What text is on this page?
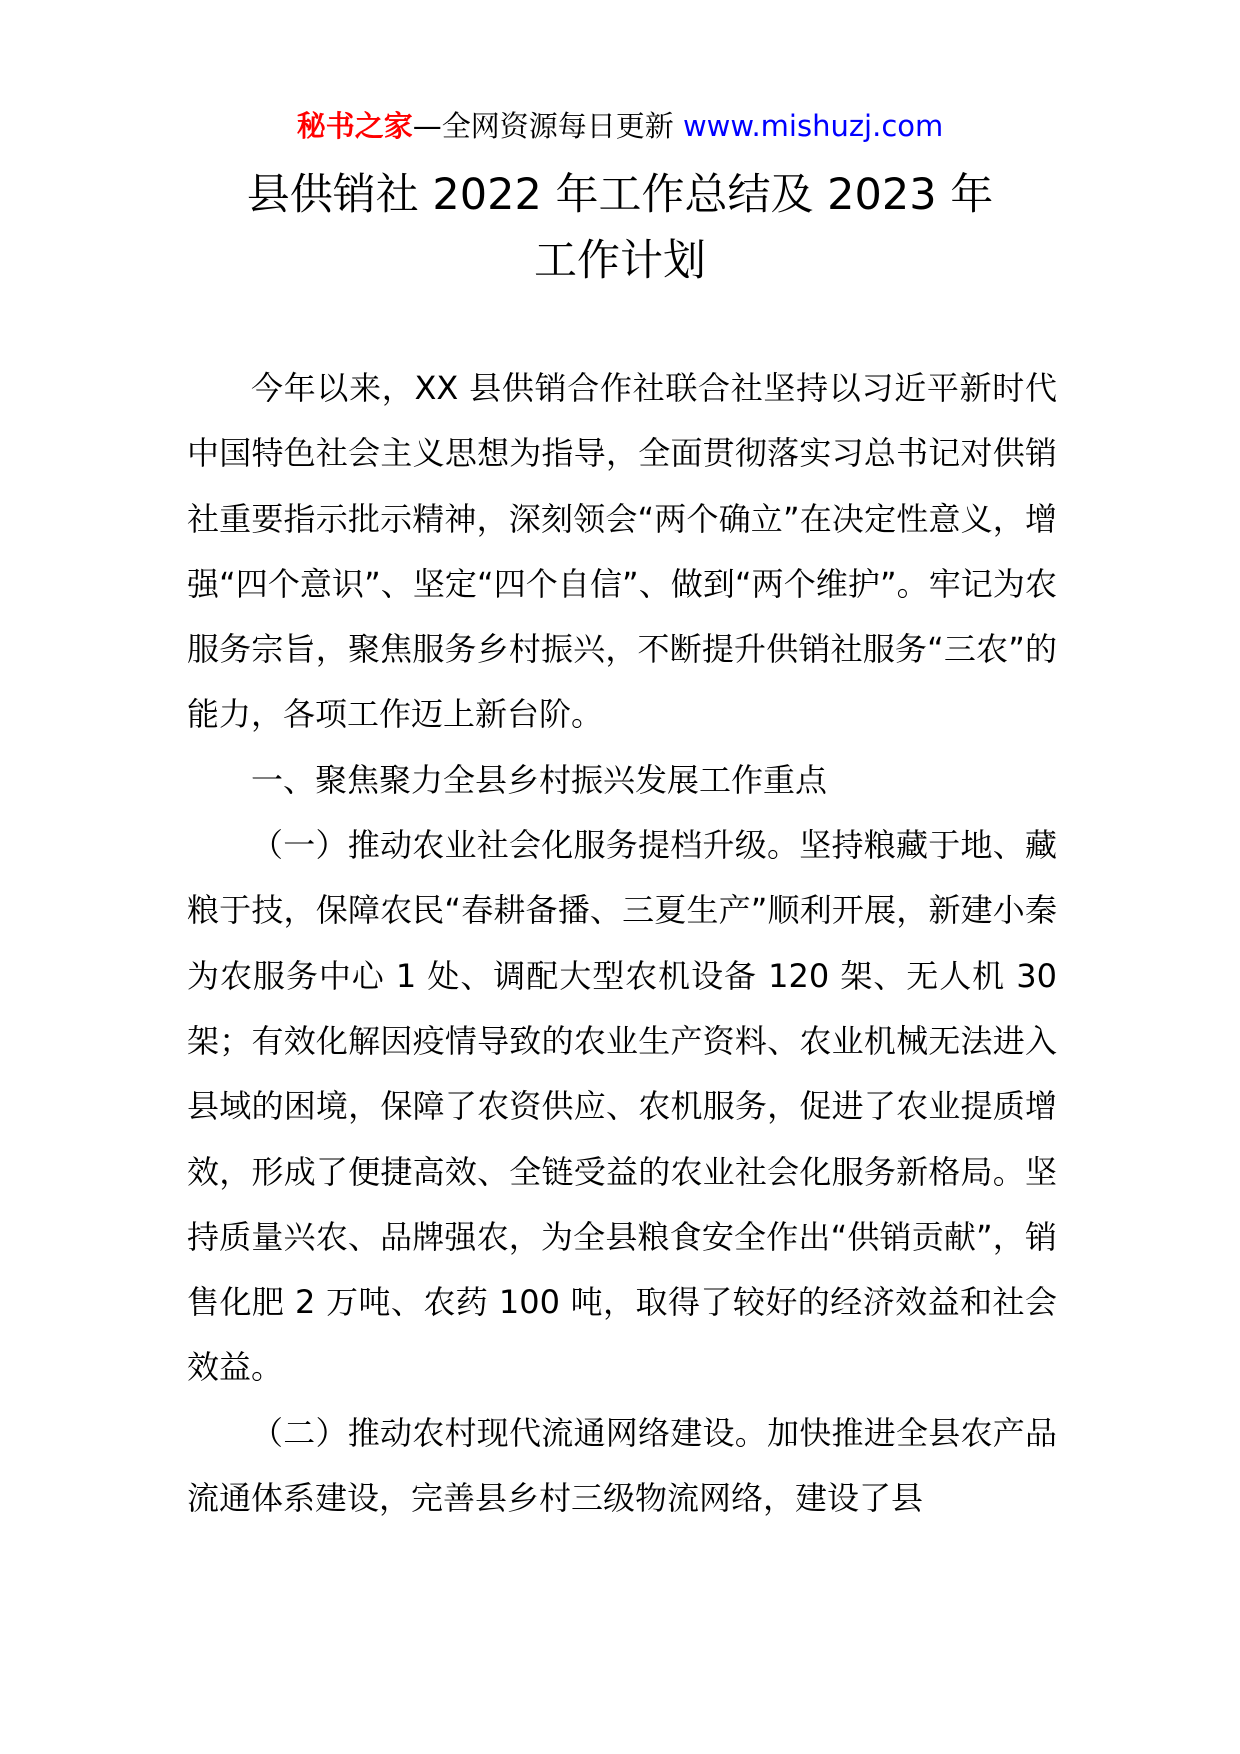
秘书之家—全网资源每日更新 www.mishuzj.com
县供销社 2022 年工作总结及 2023 年
工作计划

今年以来，XX 县供销合作社联合社坚持以习近平新时代中国特色社会主义思想为指导，全面贯彻落实习总书记对供销社重要指示批示精神，深刻领会“两个确立”在决定性意义，增强“四个意识”、坚定“四个自信”、做到“两个维护”。牢记为农服务宗旨，聚焦服务乡村振兴，不断提升供销社服务“三农”的能力，各项工作迈上新台阶。

一、聚焦聚力全县乡村振兴发展工作重点

（一）推动农业社会化服务提档升级。坚持粮藏于地、藏粮于技，保障农民“春耕备播、三夏生产”顺利开展，新建小秦为农服务中心 1 处、调配大型农机设备 120 架、无人机 30 架；有效化解因疫情导致的农业生产资料、农业机械无法进入县域的困境，保障了农资供应、农机服务，促进了农业提质增效，形成了便捷高效、全链受益的农业社会化服务新格局。坚持质量兴农、品牌强农，为全县粮食安全作出“供销贡献”，销售化肥 2 万吨、农药 100 吨，取得了较好的经济效益和社会效益。

（二）推动农村现代流通网络建设。加快推进全县农产品流通体系建设，完善县乡村三级物流网络，建设了县
